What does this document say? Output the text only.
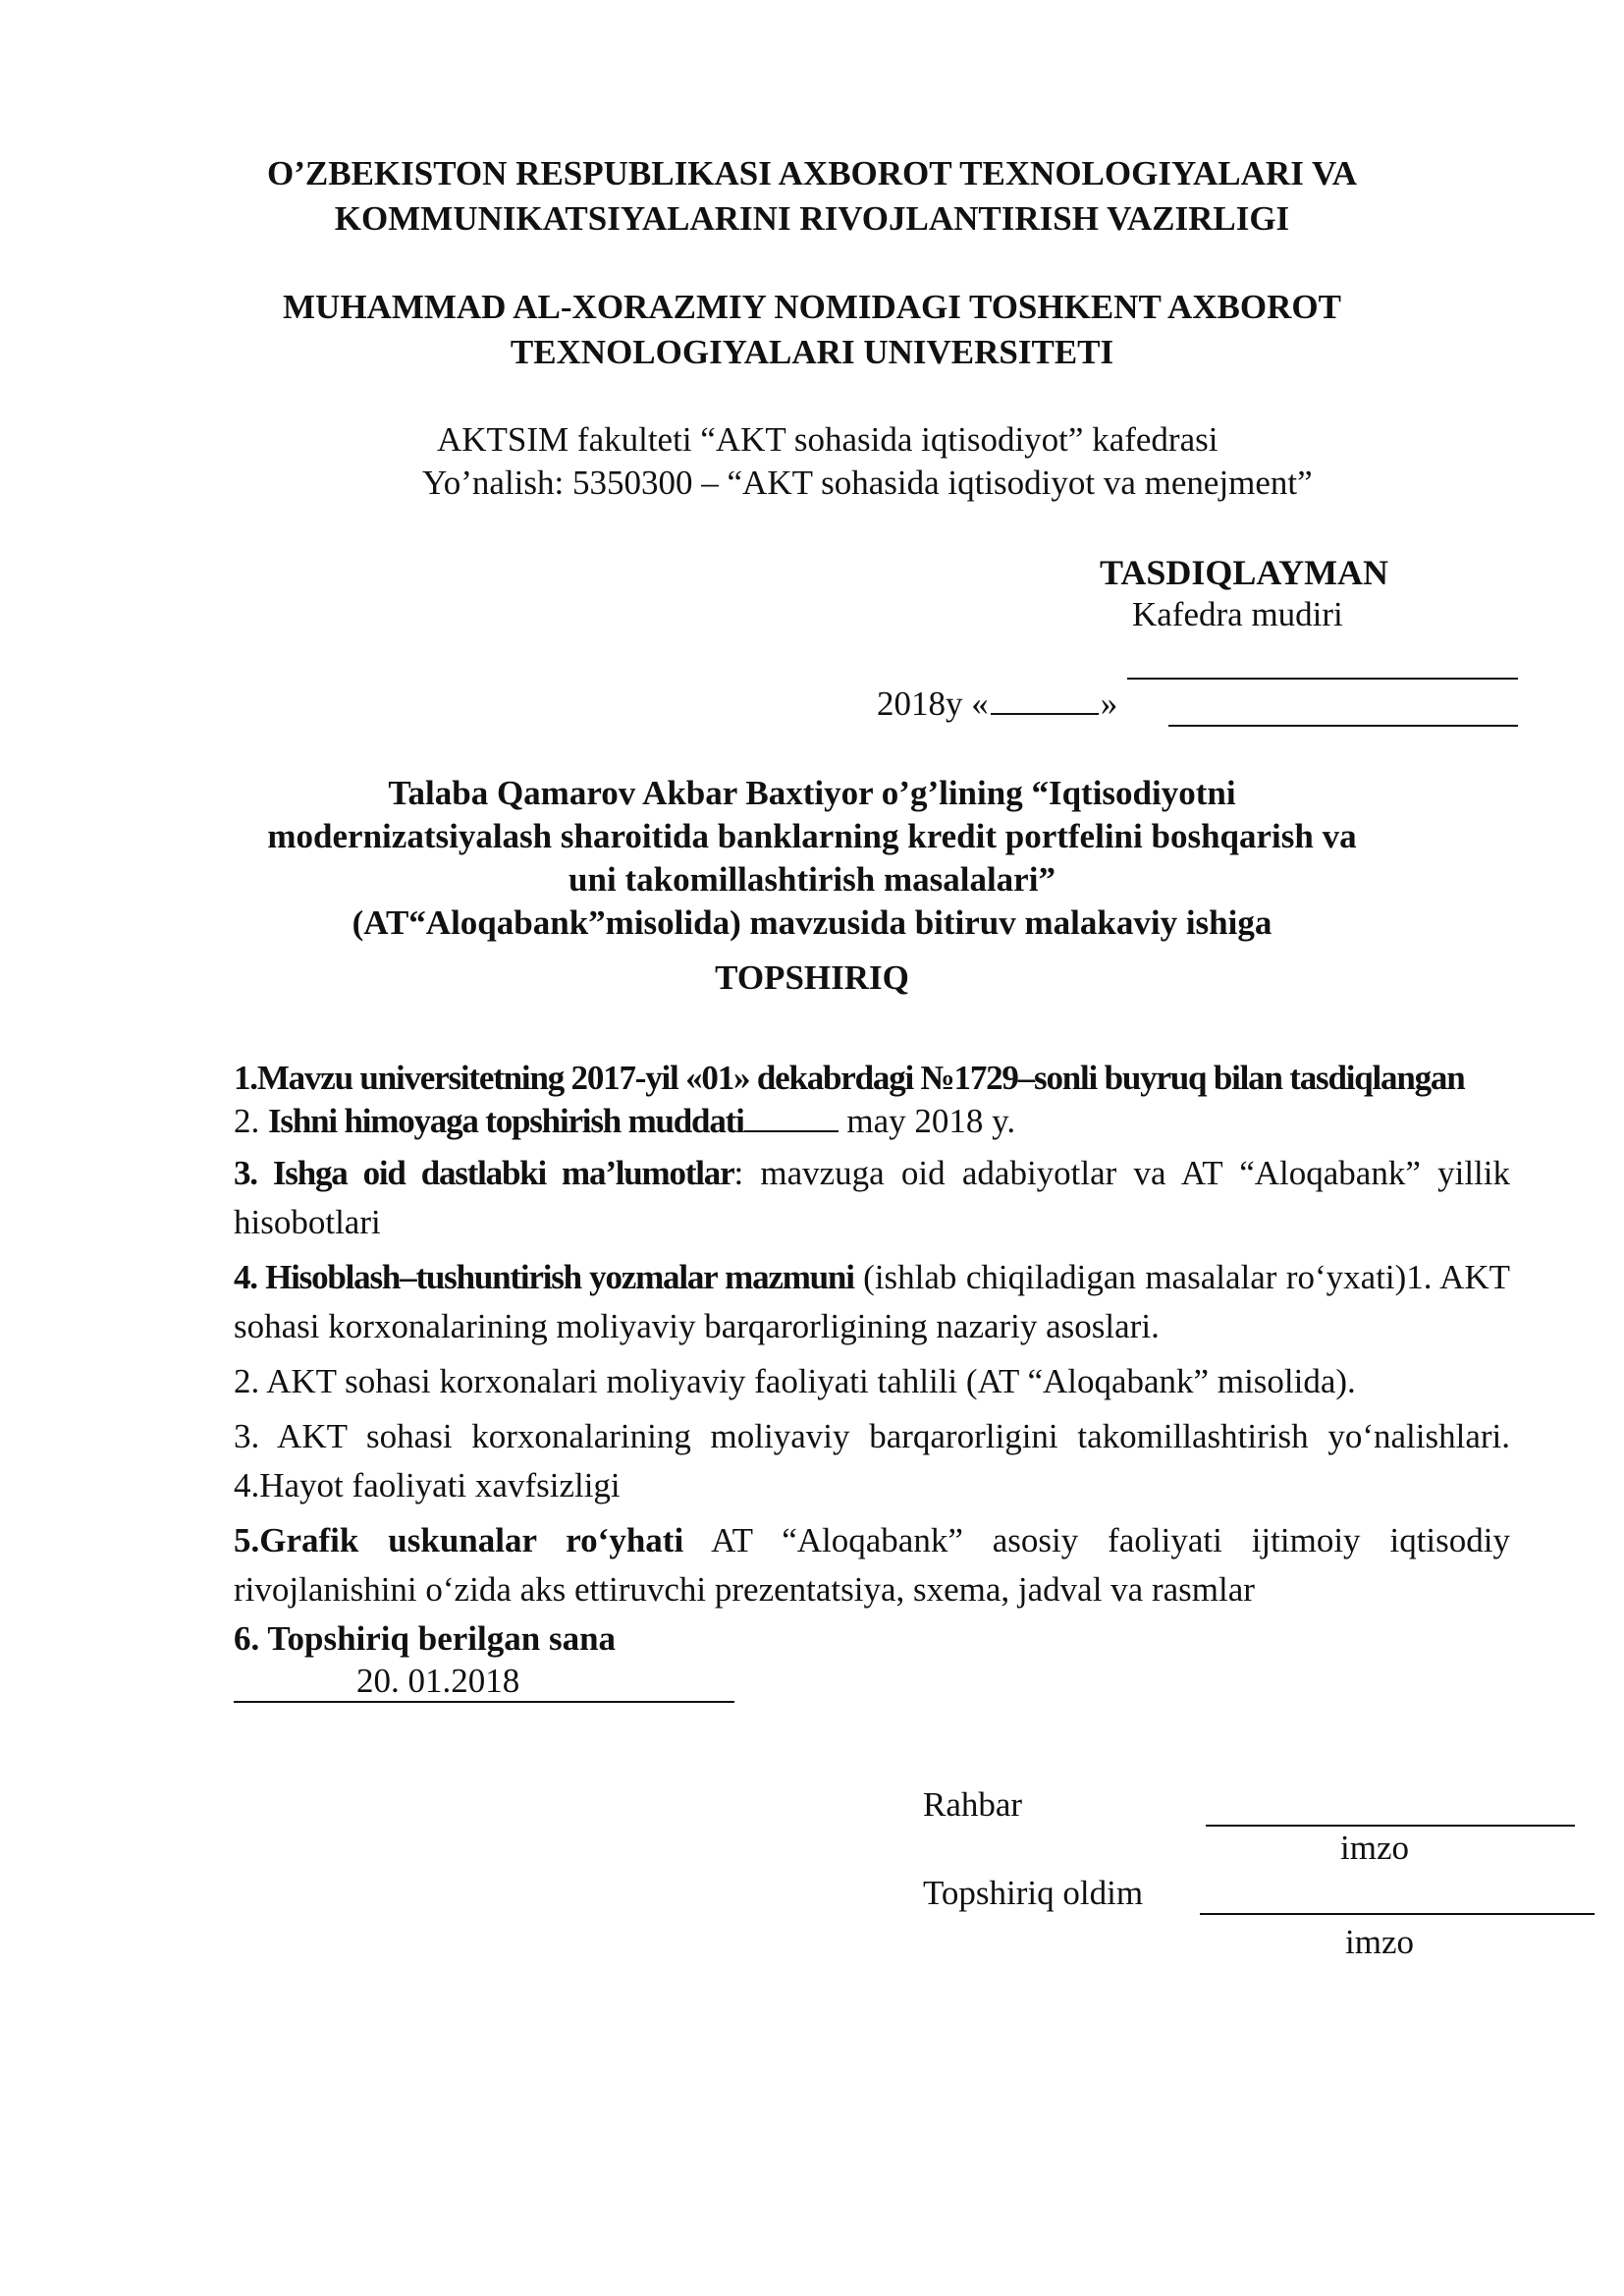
O’ZBEKISTON RESPUBLIKASI AXBOROT TEXNOLOGIYALARI VA
KOMMUNIKATSIYALARINI RIVOJLANTIRISH VAZIRLIGI
MUHAMMAD AL-XORAZMIY NOMIDAGI TOSHKENT AXBOROT
TEXNOLOGIYALARI UNIVERSITETI
AKTSIM fakulteti “AKT sohasida iqtisodiyot” kafedrasi
Yo’nalish: 5350300 – “AKT sohasida iqtisodiyot va menejment”
TASDIQLAYMAN
Kafedra mudiri
2018y «	»
Talaba Qamarov Akbar Baxtiyor o’g’lining “Iqtisodiyotni
modernizatsiyalash sharoitida banklarning kredit portfelini boshqarish va
uni takomillashtirish masalalari”
(AT“Aloqabank”misolida) mavzusida bitiruv malakaviy ishiga
TOPSHIRIQ

1.Mavzu universitetning 2017-yil «01» dekabrdagi №1729–sonli buyruq bilan tasdiqlangan

2. Ishni himoyaga topshirish muddati	may 2018 y.

3. Ishga oid dastlabki ma’lumotlar: mavzuga oid adabiyotlar va AT “Aloqabank” yillik hisobotlari

4. Hisoblash–tushuntirish yozmalar mazmuni (ishlab chiqiladigan masalalar ro‘yxati)1. AKT sohasi korxonalarining moliyaviy barqarorligining nazariy asoslari.

2. AKT sohasi korxonalari moliyaviy faoliyati tahlili (AT “Aloqabank” misolida).

3. AKT sohasi korxonalarining moliyaviy barqarorligini takomillashtirish yo‘nalishlari. 4.Hayot faoliyati xavfsizligi

5.Grafik uskunalar ro‘yhati AT “Aloqabank” asosiy faoliyati ijtimoiy iqtisodiy rivojlanishini o‘zida aks ettiruvchi prezentatsiya, sxema, jadval va rasmlar

6. Topshiriq berilgan sana

20. 01.2018

Rahbar
imzo
Topshiriq oldim
imzo
